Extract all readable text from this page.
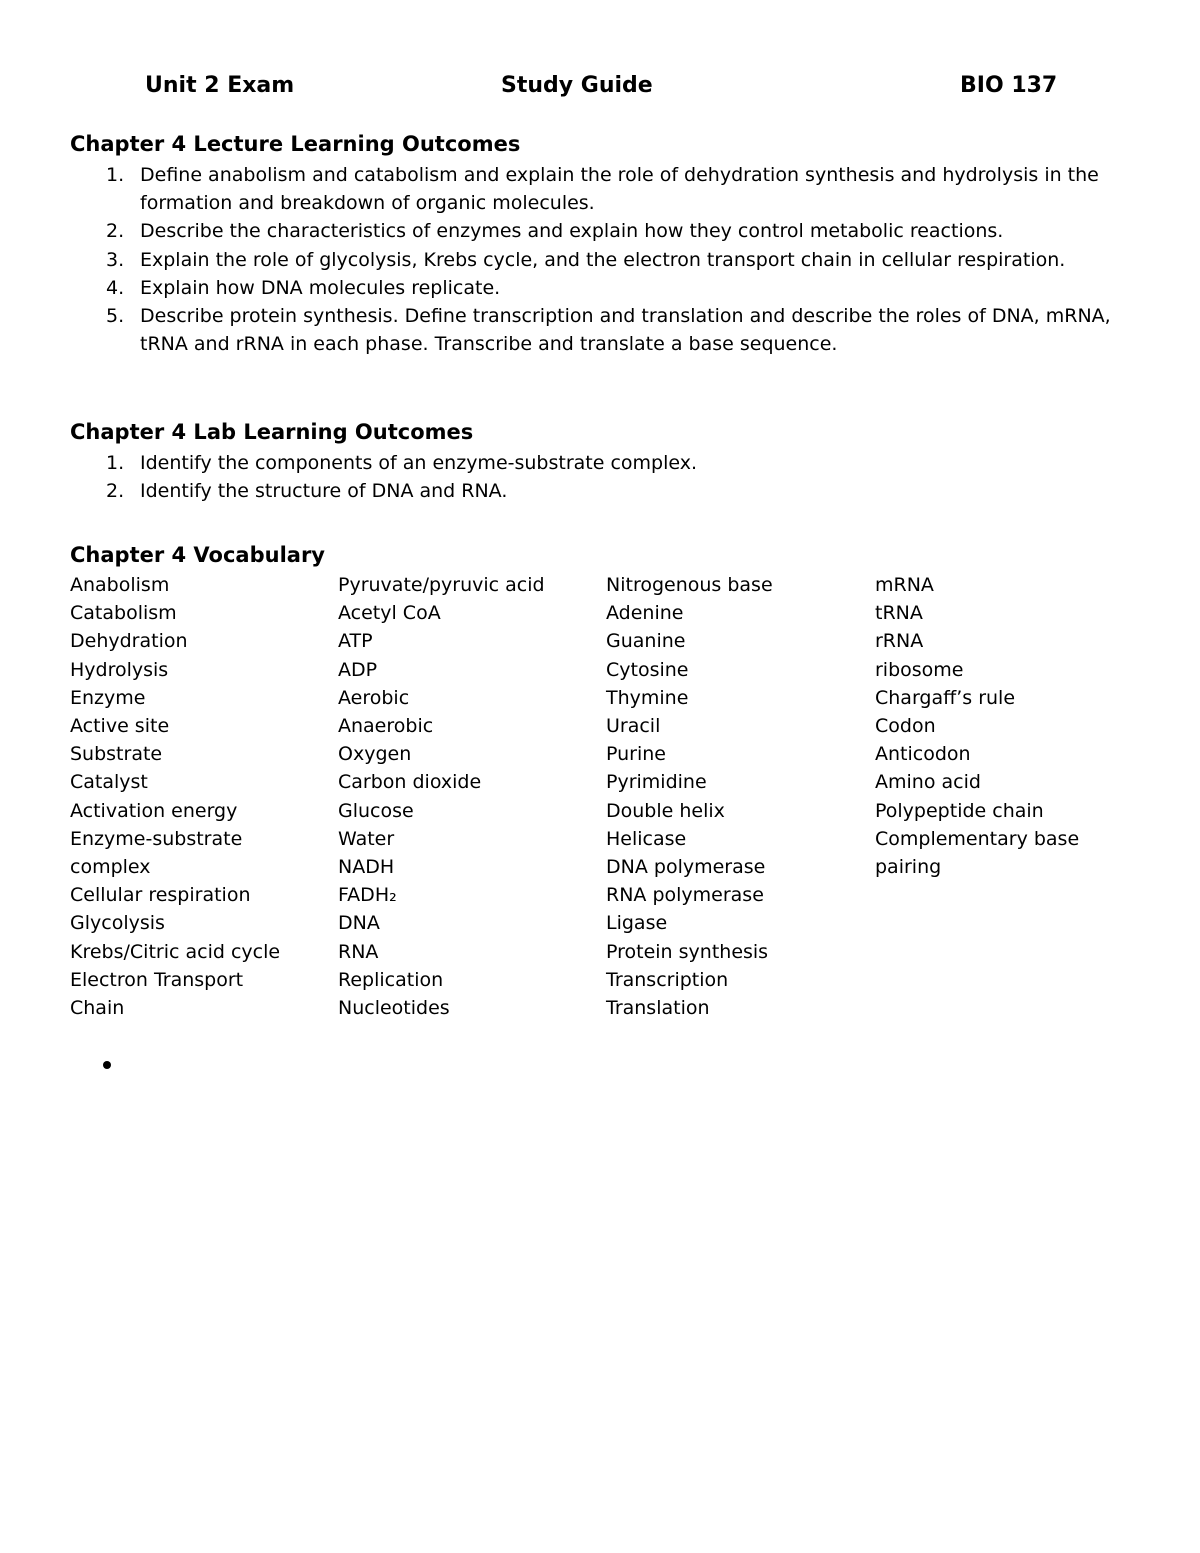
Unit 2 Exam	Study Guide	BIO 137
Chapter 4 Lecture Learning Outcomes
1. Define anabolism and catabolism and explain the role of dehydration synthesis and hydrolysis in the formation and breakdown of organic molecules.
2. Describe the characteristics of enzymes and explain how they control metabolic reactions.
3. Explain the role of glycolysis, Krebs cycle, and the electron transport chain in cellular respiration.
4. Explain how DNA molecules replicate.
5. Describe protein synthesis. Define transcription and translation and describe the roles of DNA, mRNA, tRNA and rRNA in each phase. Transcribe and translate a base sequence.
Chapter 4 Lab Learning Outcomes
1. Identify the components of an enzyme-substrate complex.
2. Identify the structure of DNA and RNA.
Chapter 4 Vocabulary
Anabolism
Catabolism
Dehydration
Hydrolysis
Enzyme
Active site
Substrate
Catalyst
Activation energy
Enzyme-substrate
complex
Cellular respiration
Glycolysis
Krebs/Citric acid cycle
Electron Transport
Chain
Pyruvate/pyruvic acid
Acetyl CoA
ATP
ADP
Aerobic
Anaerobic
Oxygen
Carbon dioxide
Glucose
Water
NADH
FADH₂
DNA
RNA
Replication
Nucleotides
Nitrogenous base
Adenine
Guanine
Cytosine
Thymine
Uracil
Purine
Pyrimidine
Double helix
Helicase
DNA polymerase
RNA polymerase
Ligase
Protein synthesis
Transcription
Translation
mRNA
tRNA
rRNA
ribosome
Chargaff’s rule
Codon
Anticodon
Amino acid
Polypeptide chain
Complementary base
pairing
